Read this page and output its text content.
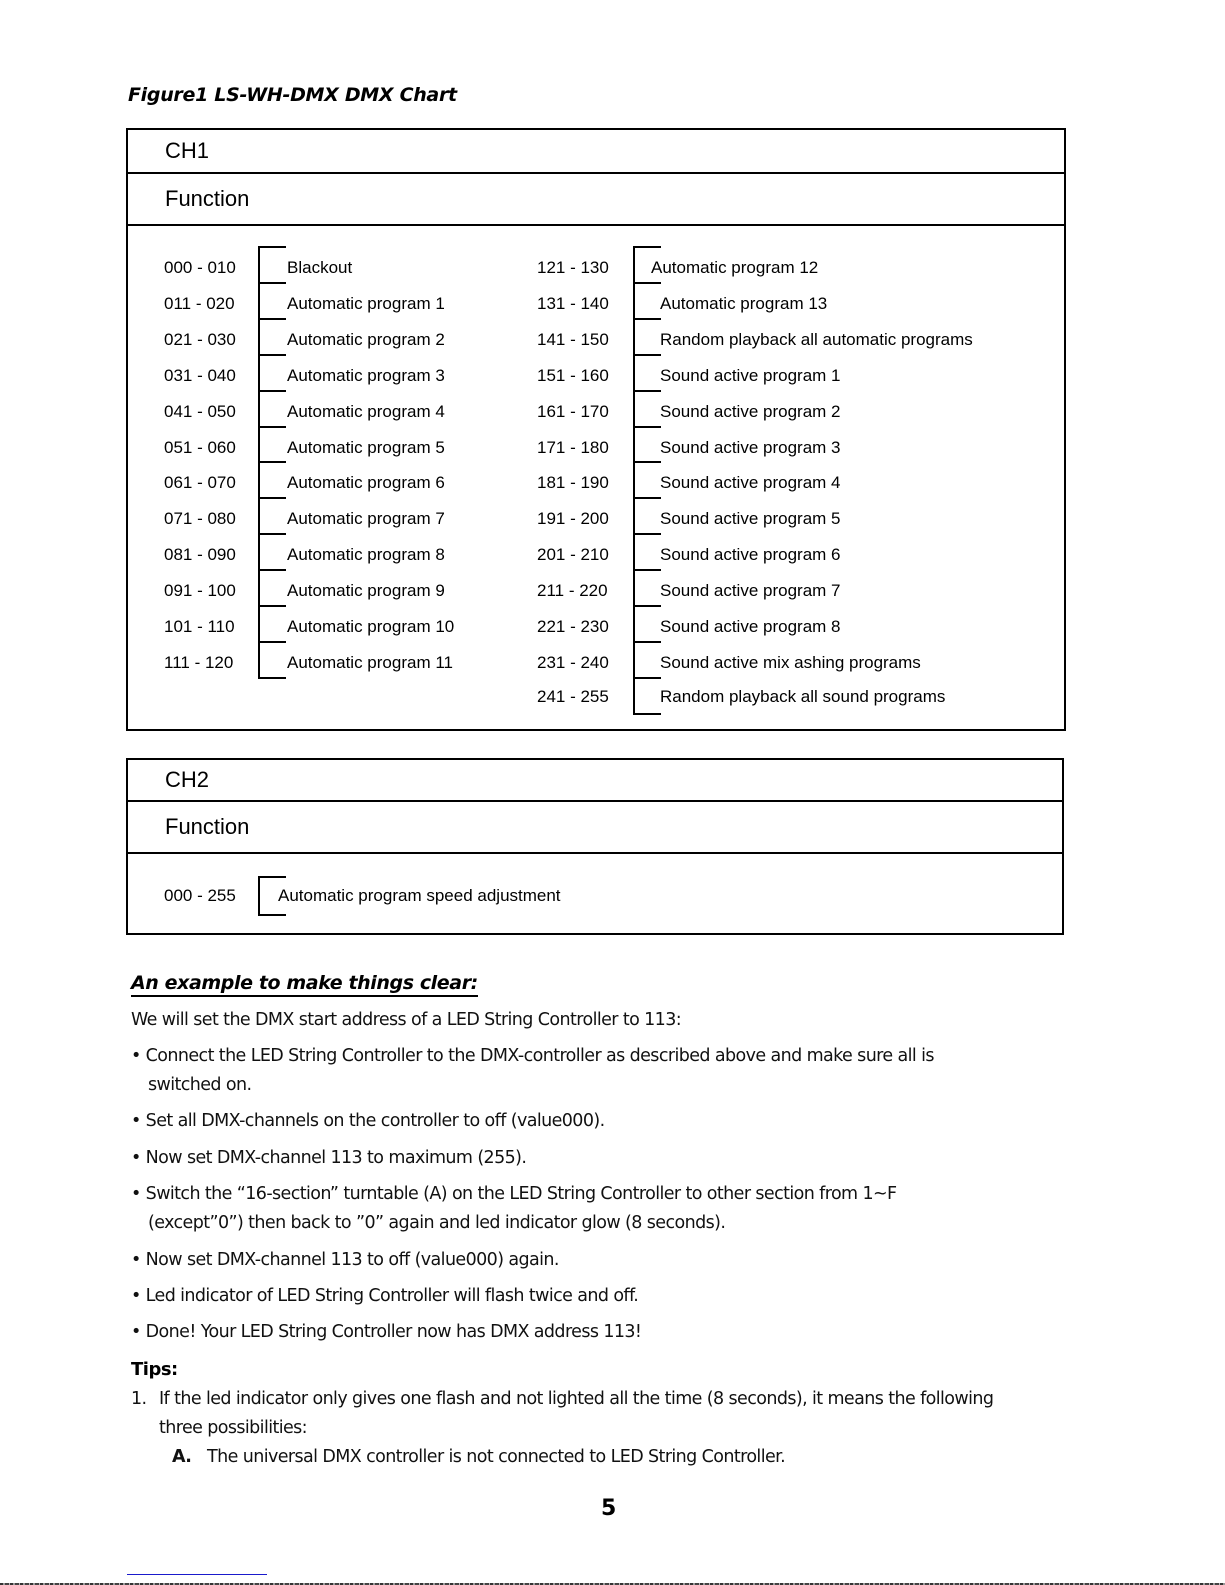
Figure1 LS-WH-DMX DMX Chart
CH1
Function
000 - 010	Blackout
011 - 020	Automatic program 1
021 - 030	Automatic program 2
031 - 040	Automatic program 3
041 - 050	Automatic program 4
051 - 060	Automatic program 5
061 - 070	Automatic program 6
071 - 080	Automatic program 7
081 - 090	Automatic program 8
091 - 100	Automatic program 9
101 - 110	Automatic program 10
111 - 120	Automatic program 11
121 - 130 Automatic program 12
131 - 140	Automatic program 13
141 - 150	Random playback all automatic programs
151 - 160	Sound active program 1
161 - 170	Sound active program 2
171 - 180	Sound active program 3
181 - 190	Sound active program 4
191 - 200	Sound active program 5
201 - 210	Sound active program 6
211 - 220	Sound active program 7
221 - 230	Sound active program 8
231 - 240	Sound active mix ashing programs
241 - 255	Random playback all sound programs
CH2
Function
000 - 255 Automatic program speed adjustment
An example to make things clear:
We will set the DMX start address of a LED String Controller to 113:
• Connect the LED String Controller to the DMX-controller as described above and make sure all is
switched on.
• Set all DMX-channels on the controller to off (value000).
• Now set DMX-channel 113 to maximum (255).
• Switch the “16-section” turntable (A) on the LED String Controller to other section from 1~F
(except”0”) then back to ”0” again and led indicator glow (8 seconds).
• Now set DMX-channel 113 to off (value000) again.
• Led indicator of LED String Controller will flash twice and off.
• Done! Your LED String Controller now has DMX address 113!
Tips:
1. If the led indicator only gives one flash and not lighted all the time (8 seconds), it means the following
three possibilities:
A. The universal DMX controller is not connected to LED String Controller.
5
